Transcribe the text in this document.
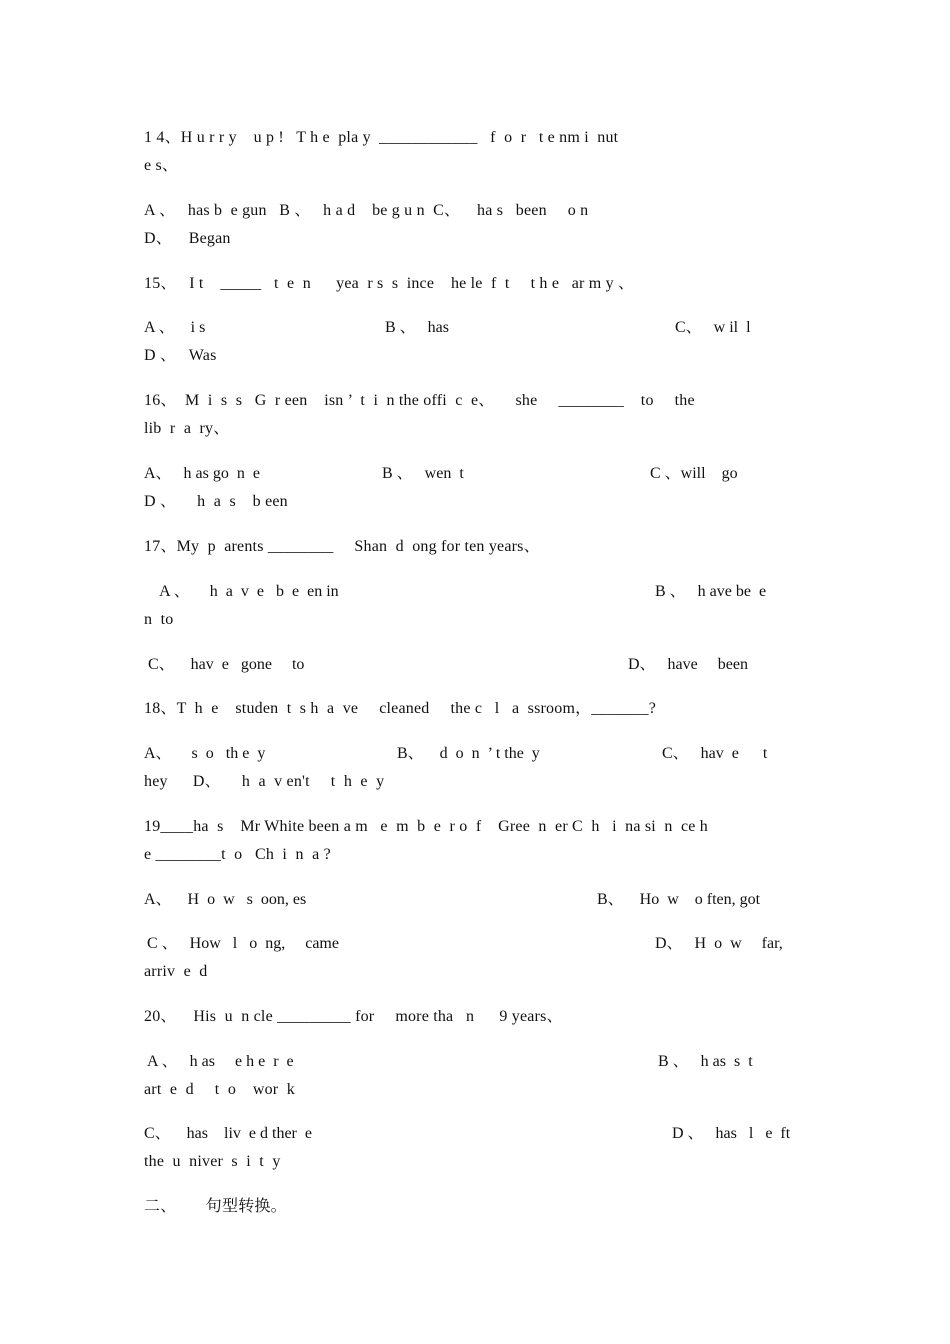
1 4、H u r r y    u p !   T h e  pla y  ____________   f  o  r   t e nm i  nut
e s、
A 、   has b  e gun   B 、   h a d    be g u n  C、    ha s   been     o n
D、    Began
15、   I t    _____   t  e  n      yea  r s  s  ince    he le  f  t     t h e   ar m y 、
A 、    i s	B 、   has	C、   w il  l
D 、   Was
16、  M  i  s  s   G  r een    isn ’  t  i  n the offi  c  e、     she     ________    to     the
lib  r  a  ry、
A、   h as go  n  e	B 、   wen  t	C 、will    go
D 、     h  a  s    b een
17、My  p  arents ________     Shan  d  ong for ten years、
A 、     h  a  v  e   b  e  en in	B 、   h ave be  e
n  to
C、    hav  e   gone     to	D、   have     been
18、T  h  e    studen  t  s h  a  ve     cleaned     the c   l   a  ssroom，_______?
A、     s  o   th e  y	B、    d  o  n  ’ t the  y	C、   hav  e      t
hey      D、     h  a  v en't     t  h  e  y
19____ha  s    Mr White been a m   e  m  b  e  r o  f    Gree  n  er C  h   i  na si  n  ce h
e ________t  o   Ch  i  n  a ?
A、    H  o  w   s  oon, es	B、    Ho  w    o ften, got
C 、   How   l   o  ng,     came	D、   H  o  w     far,
arriv  e  d
20、    His  u  n cle _________ for     more tha   n      9 years、
A 、   h as     e h e  r  e	B 、   h as  s  t
art  e  d     t  o    wor  k
C、    has    liv  e d ther  e	D 、   has   l   e  ft
the  u  niver  s  i  t  y
二、       句型转换。
